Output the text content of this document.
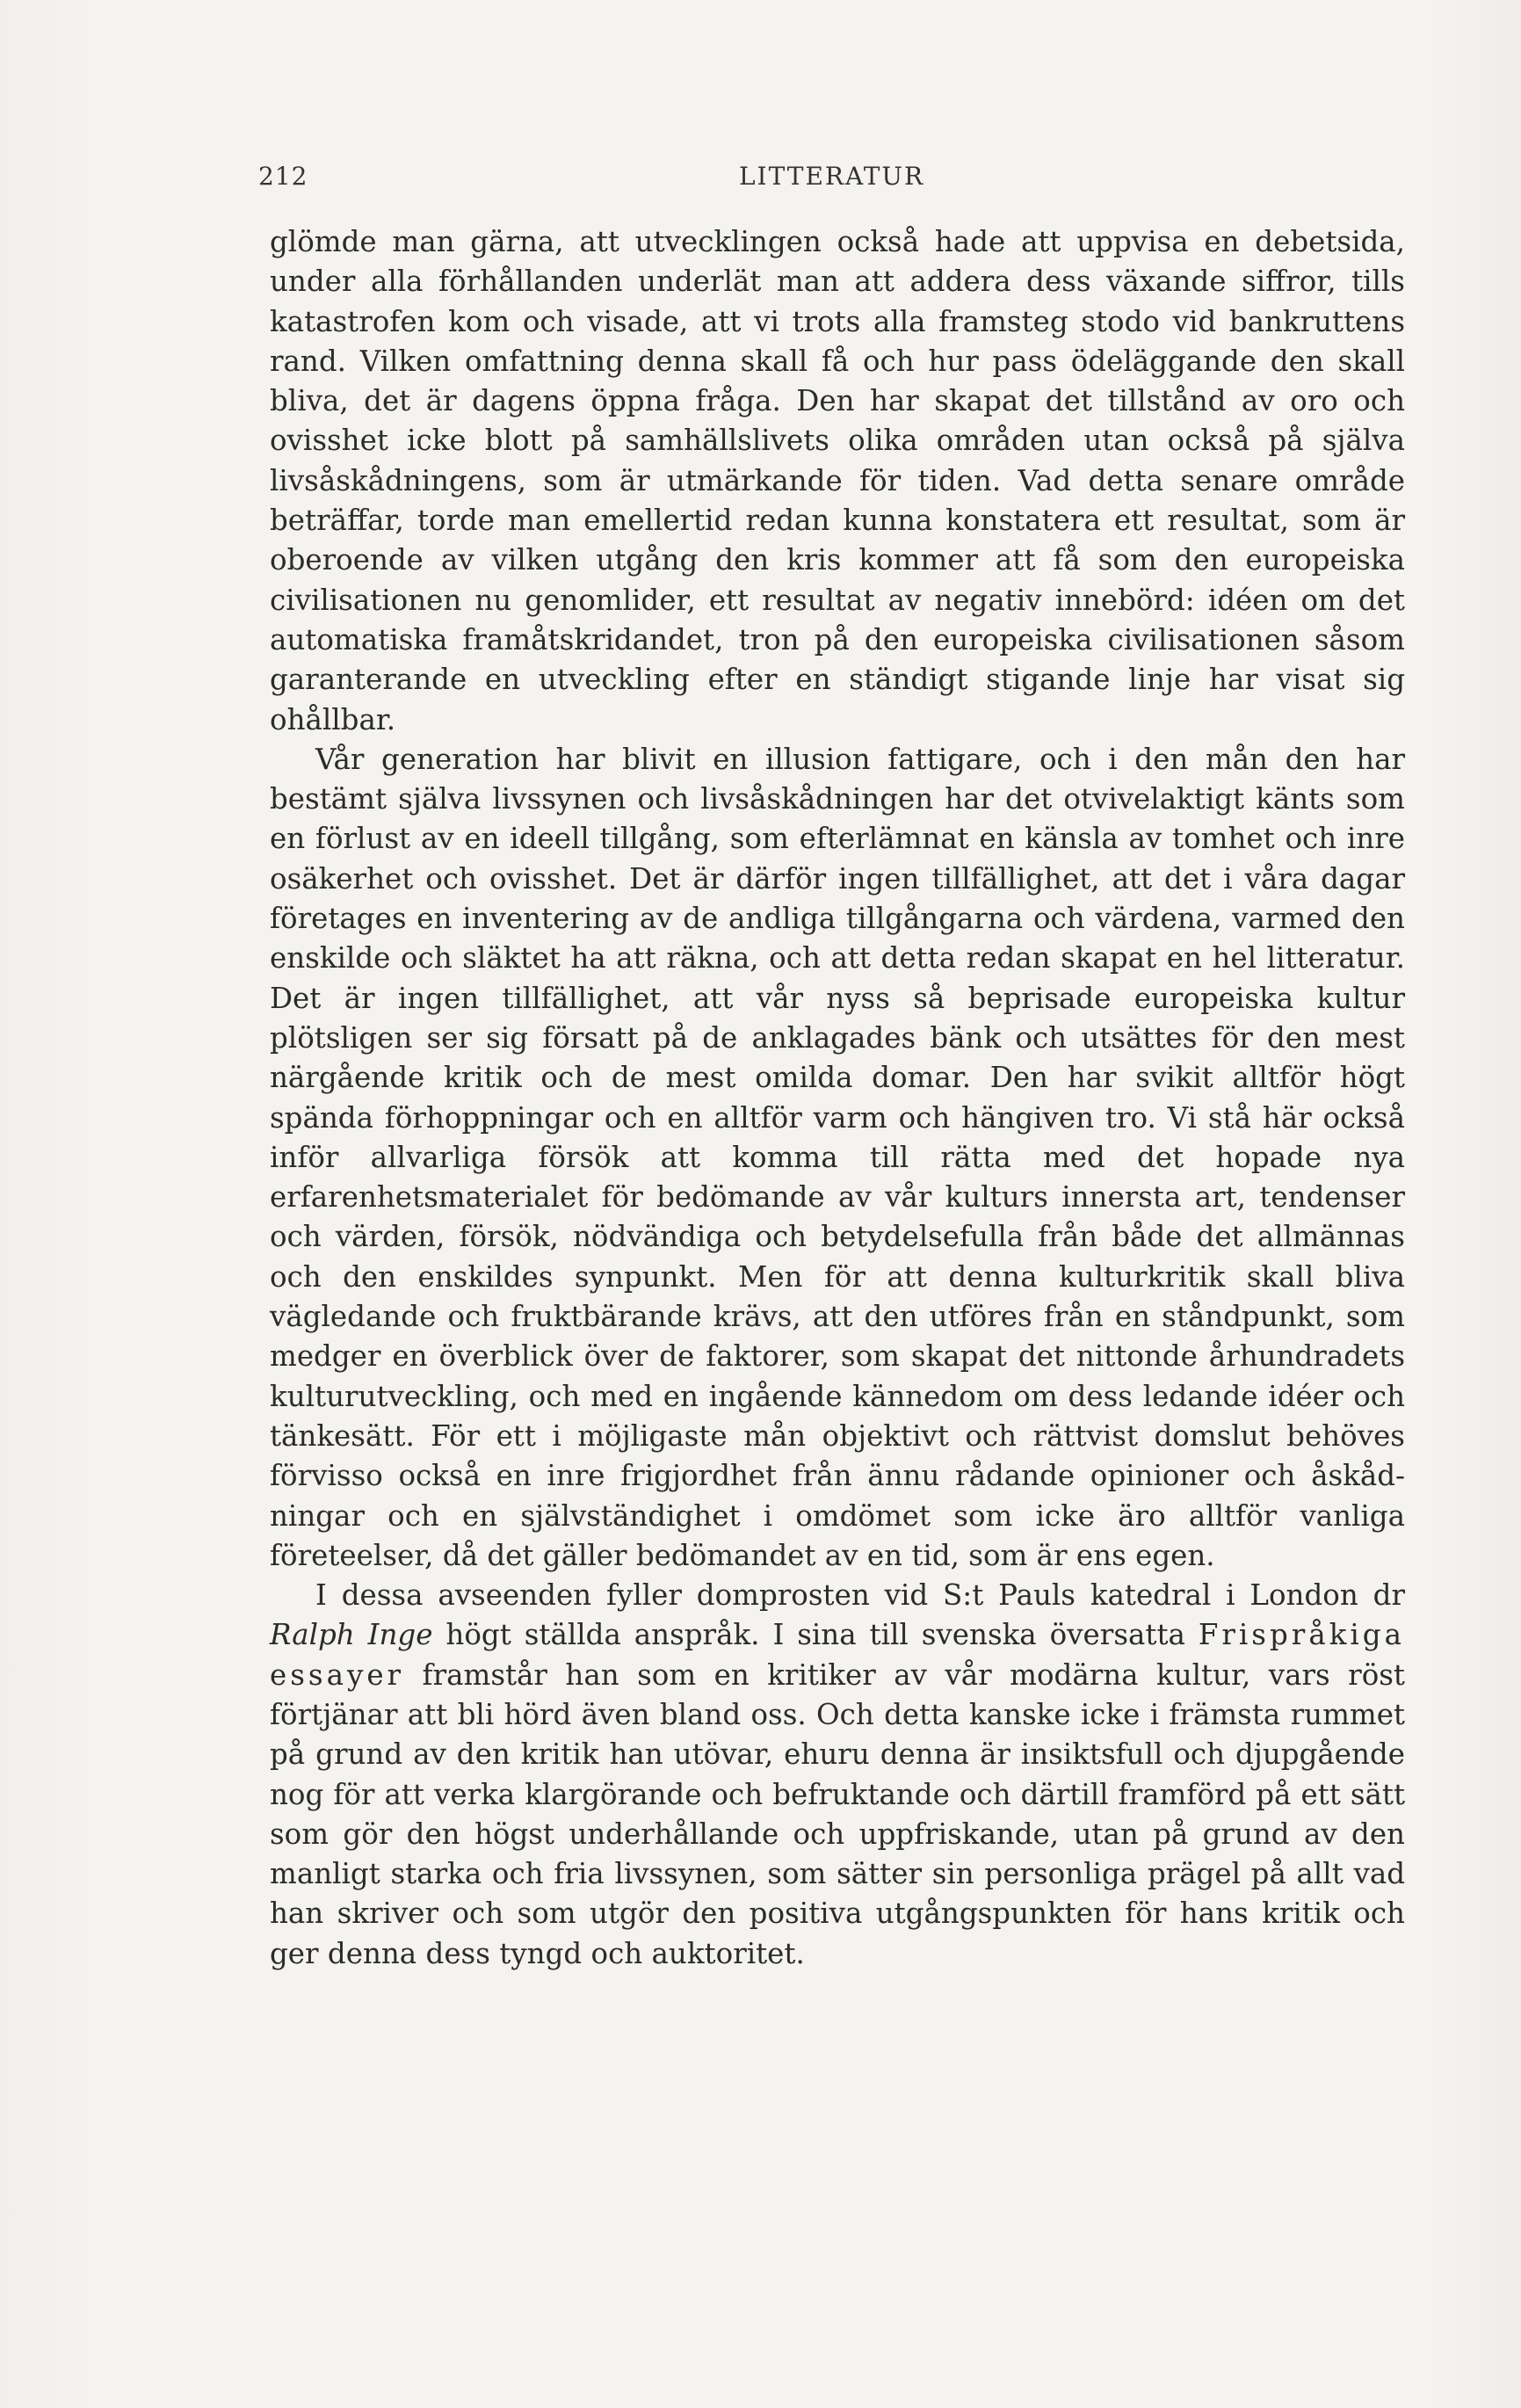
212	LITTERATUR

glömde man gärna, att utvecklingen också hade att uppvisa en debetsida, under alla förhållanden underlät man att addera dess växande siffror, tills katastrofen kom och visade, att vi trots alla framsteg stodo vid bankruttens rand. Vilken omfattning denna skall få och hur pass ödeläggande den skall bliva, det är dagens öppna fråga. Den har skapat det tillstånd av oro och ovisshet icke blott på samhällslivets olika områden utan också på själva livsåskådningens, som är utmärkande för tiden. Vad detta senare område beträffar, torde man emellertid redan kunna konstatera ett resultat, som är oberoende av vilken utgång den kris kommer att få som den europeiska civilisationen nu genomlider, ett resultat av negativ innebörd: idéen om det automatiska framåtskridandet, tron på den europeiska civilisationen såsom garanterande en utveckling efter en ständigt stigande linje har visat sig ohållbar.

Vår generation har blivit en illusion fattigare, och i den mån den har bestämt själva livssynen och livsåskådningen har det otvivelaktigt känts som en förlust av en ideell tillgång, som efterlämnat en känsla av tomhet och inre osäkerhet och ovisshet. Det är därför ingen tillfällighet, att det i våra dagar företages en inventering av de andliga tillgångarna och värdena, varmed den enskilde och släktet ha att räkna, och att detta redan skapat en hel litteratur. Det är ingen tillfällighet, att vår nyss så beprisade europeiska kultur plötsligen ser sig försatt på de anklagades bänk och utsättes för den mest närgående kritik och de mest omilda domar. Den har svikit alltför högt spända förhoppningar och en alltför varm och hängiven tro. Vi stå här också inför allvarliga försök att komma till rätta med det hopade nya erfarenhetsmaterialet för bedömande av vår kulturs innersta art, tendenser och värden, försök, nödvändiga och betydelsefulla från både det allmännas och den enskildes synpunkt. Men för att denna kulturkritik skall bliva vägledande och fruktbärande krävs, att den utföres från en ståndpunkt, som medger en överblick över de faktorer, som skapat det nittonde århundradets kulturutveckling, och med en ingående kännedom om dess ledande idéer och tänkesätt. För ett i möjligaste mån objektivt och rättvist domslut behöves förvisso också en inre frigjordhet från ännu rådande opinioner och åskådningar och en självständighet i omdömet som icke äro alltför vanliga företeelser, då det gäller bedömandet av en tid, som är ens egen.

I dessa avseenden fyller domprosten vid S:t Pauls katedral i London dr Ralph Inge högt ställda anspråk. I sina till svenska översatta Frispråkiga essayer framstår han som en kritiker av vår modärna kultur, vars röst förtjänar att bli hörd även bland oss. Och detta kanske icke i främsta rummet på grund av den kritik han utövar, ehuru denna är insiktsfull och djupgående nog för att verka klargörande och befruktande och därtill framförd på ett sätt som gör den högst underhållande och uppfriskande, utan på grund av den manligt starka och fria livssynen, som sätter sin personliga prägel på allt vad han skriver och som utgör den positiva utgångspunkten för hans kritik och ger denna dess tyngd och auktoritet.
